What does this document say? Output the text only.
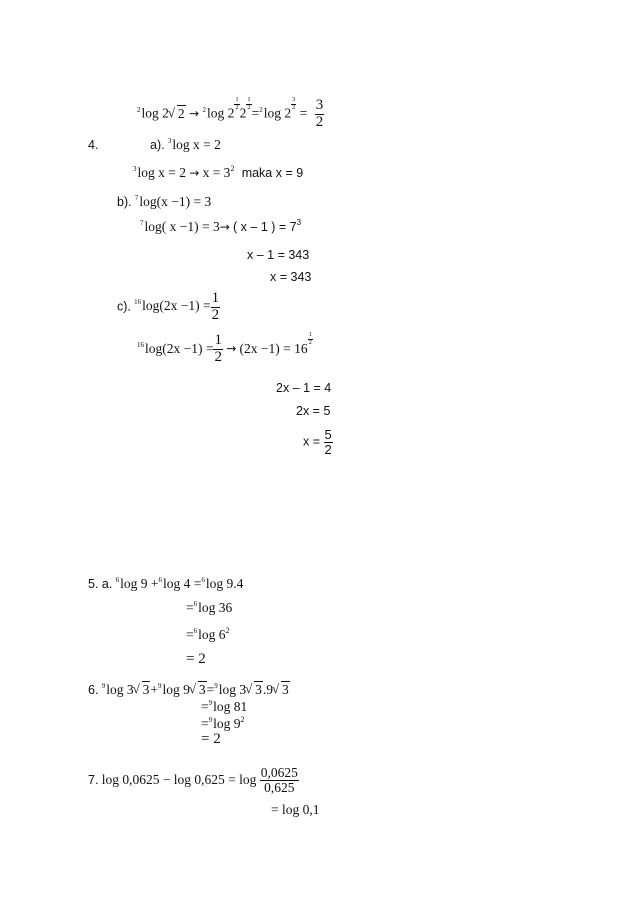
$^2$log 2 √ 2 → $^2$log 2
$\frac{1}{2}$
2
$\frac{1}{2}$
=$^2$log 2
$\frac{3}{2}$
= $\frac{3}{2}$
4.	a). $^3$log x = 2
$^3$log $x = 2 \to x = 3^2$ maka x = 9
b). $^7$log(x −1) = 3
$^7$log( x −1) = 3→ ( x – 1 ) = $7^3$
x – 1 = 343
x = 343
c). $^{16}\log(2x -1) = \frac{1}{2}$
$^{16}\log(2x -1) = \frac{1}{2} \to (2x -1) = 16$
$\frac{1}{2}$
2x – 1 = 4
2x = 5
$x = \frac{5}{2}$
5. a. $^6$log 9 +$^6$log 4 =$^6$log 9.4
=$^6$log 36
=$^6$log $6^2$
= 2
6. $^9$log 3 √ 3+$^9$log 9 √ 3=$^9$log 3 √ 3.9 √ 3
=$^9$log 81
=$^9$log $9^2$
= 2
7. $\log 0,0625 - \log 0,625 = \log \frac{0,0625}{0,625}$
= log 0,1
